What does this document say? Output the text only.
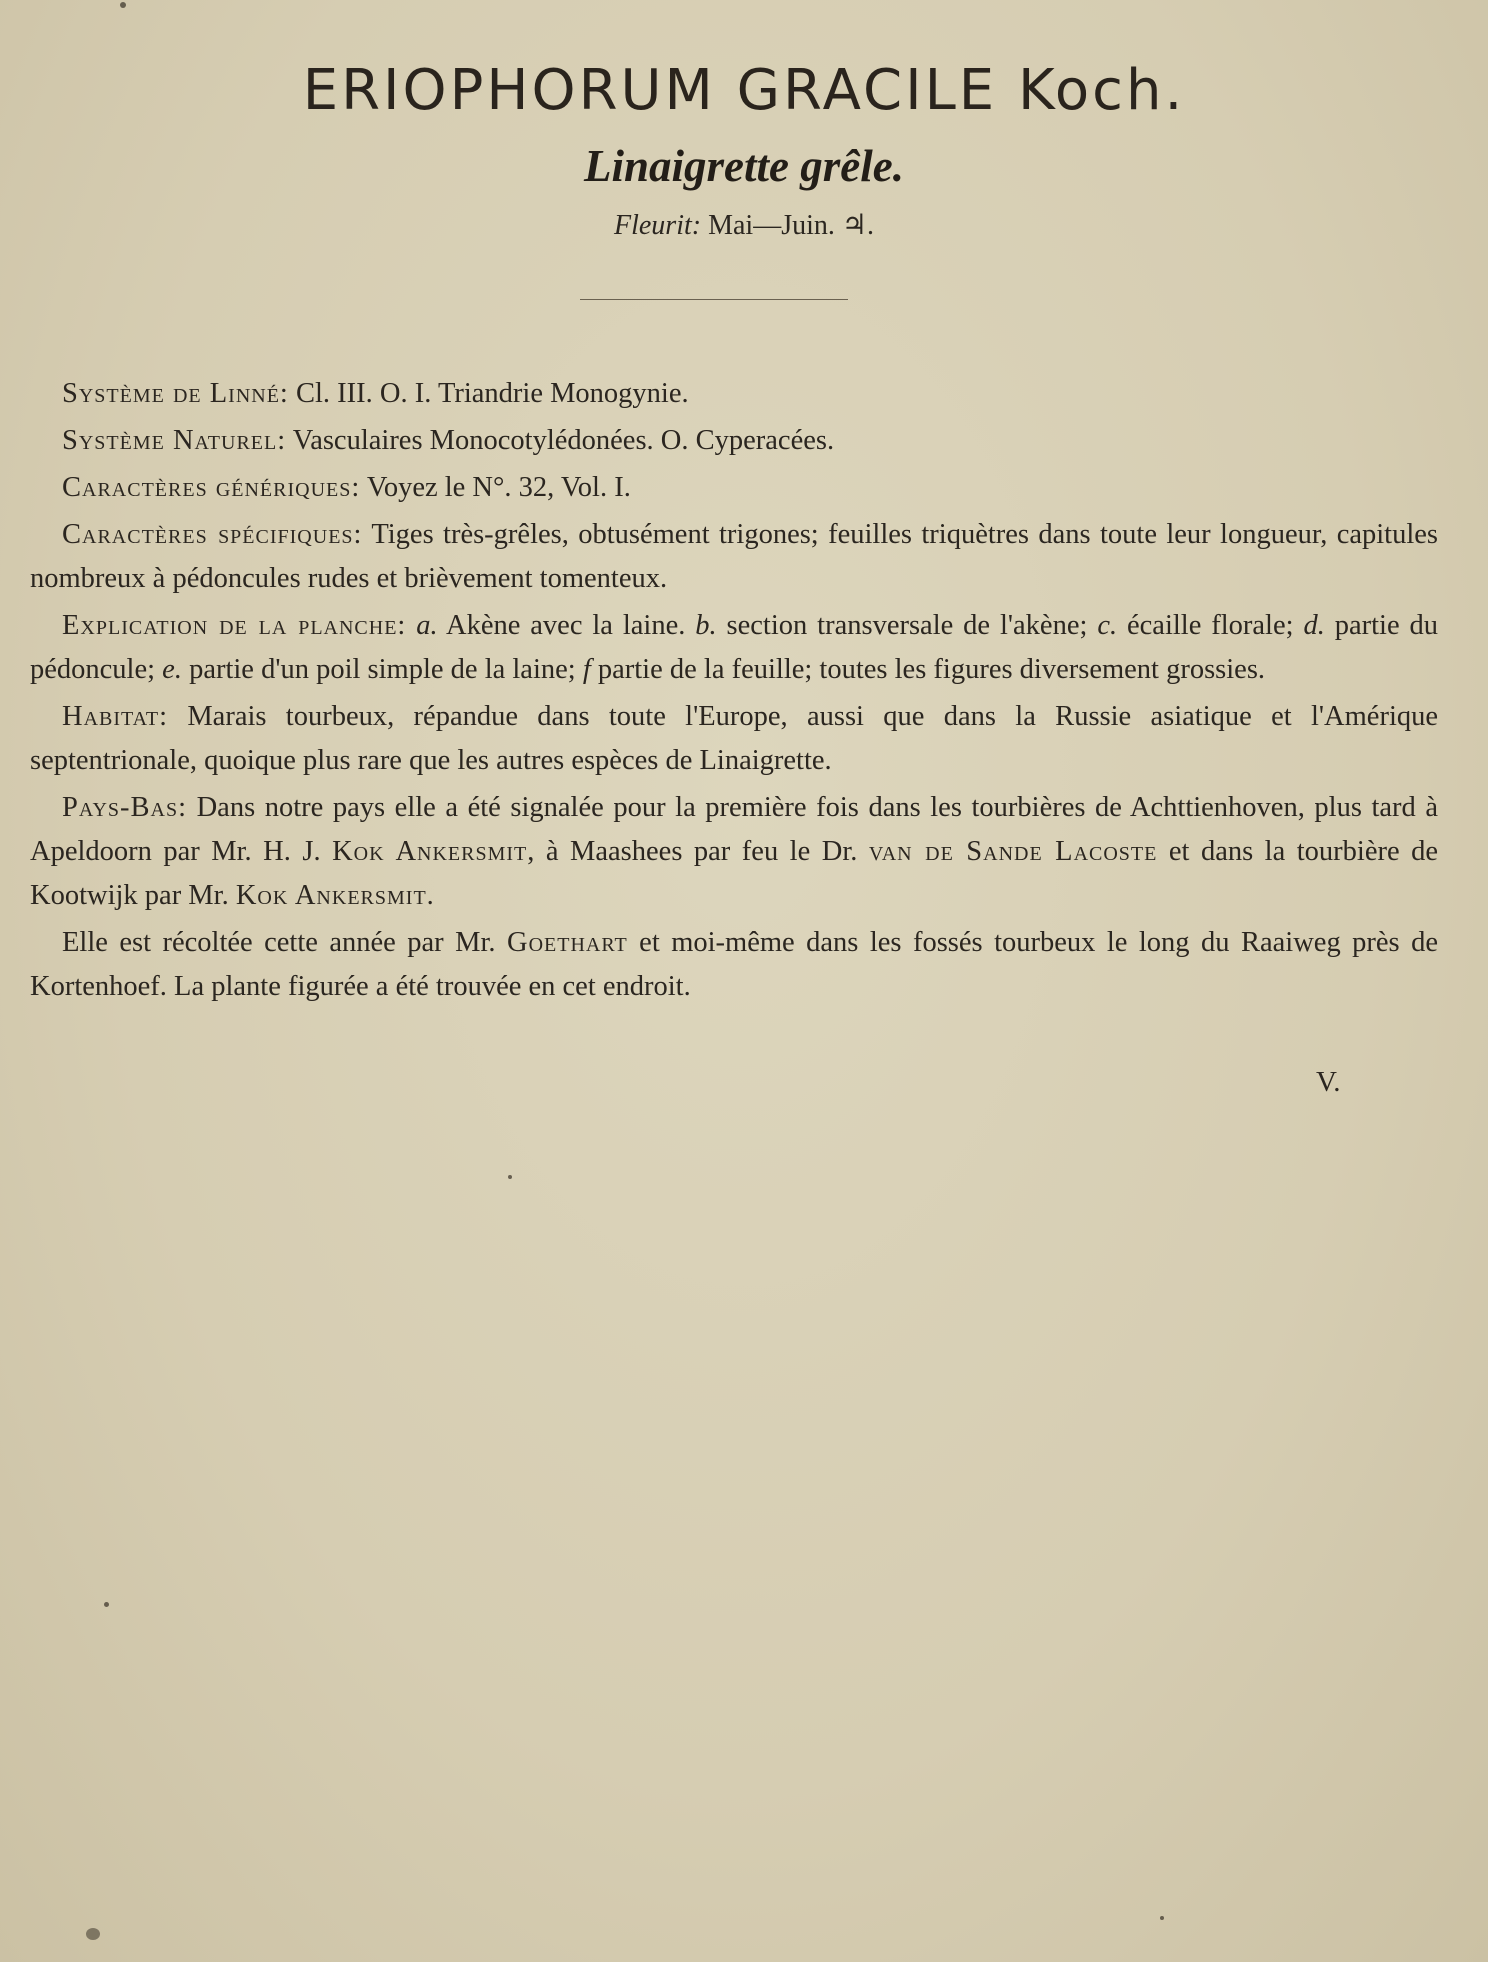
ERIOPHORUM GRACILE Koch.
Linaigrette grêle.
Fleurit: Mai—Juin. ♃.

Système de Linné: Cl. III. O. I. Triandrie Monogynie.

Système Naturel: Vasculaires Monocotylédonées. O. Cyperacées.

Caractères génériques: Voyez le N°. 32, Vol. I.

Caractères spécifiques: Tiges très-grêles, obtusément trigones; feuilles triquètres dans toute leur longueur, capitules nombreux à pédoncules rudes et brièvement tomenteux.

Explication de la planche: a. Akène avec la laine. b. section transversale de l'akène; c. écaille florale; d. partie du pédoncule; e. partie d'un poil simple de la laine; f partie de la feuille; toutes les figures diversement grossies.

Habitat: Marais tourbeux, répandue dans toute l'Europe, aussi que dans la Russie asiatique et l'Amérique septentrionale, quoique plus rare que les autres espèces de Linaigrette.

Pays-Bas: Dans notre pays elle a été signalée pour la première fois dans les tourbières de Achttienhoven, plus tard à Apeldoorn par Mr. H. J. Kok Ankersmit, à Maashees par feu le Dr. van de Sande Lacoste et dans la tourbière de Kootwijk par Mr. Kok Ankersmit.

Elle est récoltée cette année par Mr. Goethart et moi-même dans les fossés tourbeux le long du Raaiweg près de Kortenhoef. La plante figurée a été trouvée en cet endroit.

V.
